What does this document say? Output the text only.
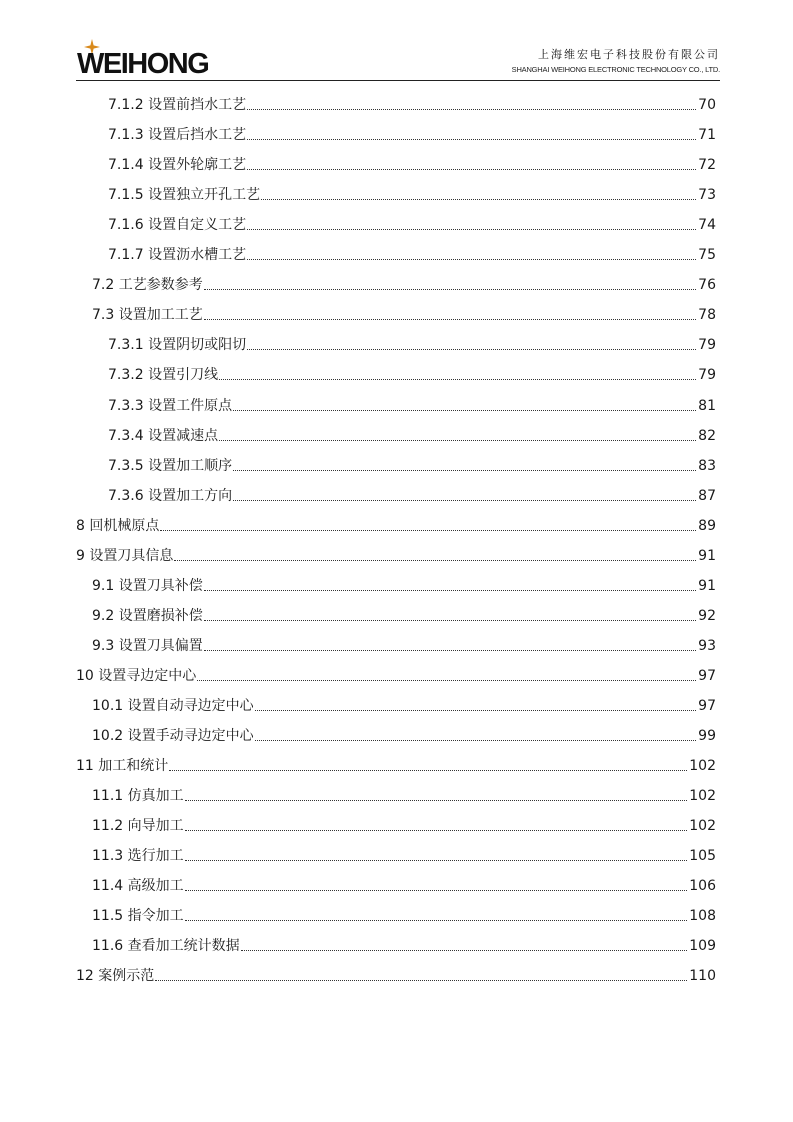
WEIHONG	上海维宏电子科技股份有限公司
SHANGHAI WEIHONG ELECTRONIC TECHNOLOGY CO., LTD.
7.1.2 设置前挡水工艺	70
7.1.3 设置后挡水工艺	71
7.1.4 设置外轮廓工艺	72
7.1.5 设置独立开孔工艺	73
7.1.6 设置自定义工艺	74
7.1.7 设置沥水槽工艺	75
7.2 工艺参数参考	76
7.3 设置加工工艺	78
7.3.1 设置阴切或阳切	79
7.3.2 设置引刀线	79
7.3.3 设置工件原点	81
7.3.4 设置减速点	82
7.3.5 设置加工顺序	83
7.3.6 设置加工方向	87
8 回机械原点	89
9 设置刀具信息	91
9.1 设置刀具补偿	91
9.2 设置磨损补偿	92
9.3 设置刀具偏置	93
10 设置寻边定中心	97
10.1 设置自动寻边定中心	97
10.2 设置手动寻边定中心	99
11 加工和统计	102
11.1 仿真加工	102
11.2 向导加工	102
11.3 选行加工	105
11.4 高级加工	106
11.5 指令加工	108
11.6 查看加工统计数据	109
12 案例示范	110
